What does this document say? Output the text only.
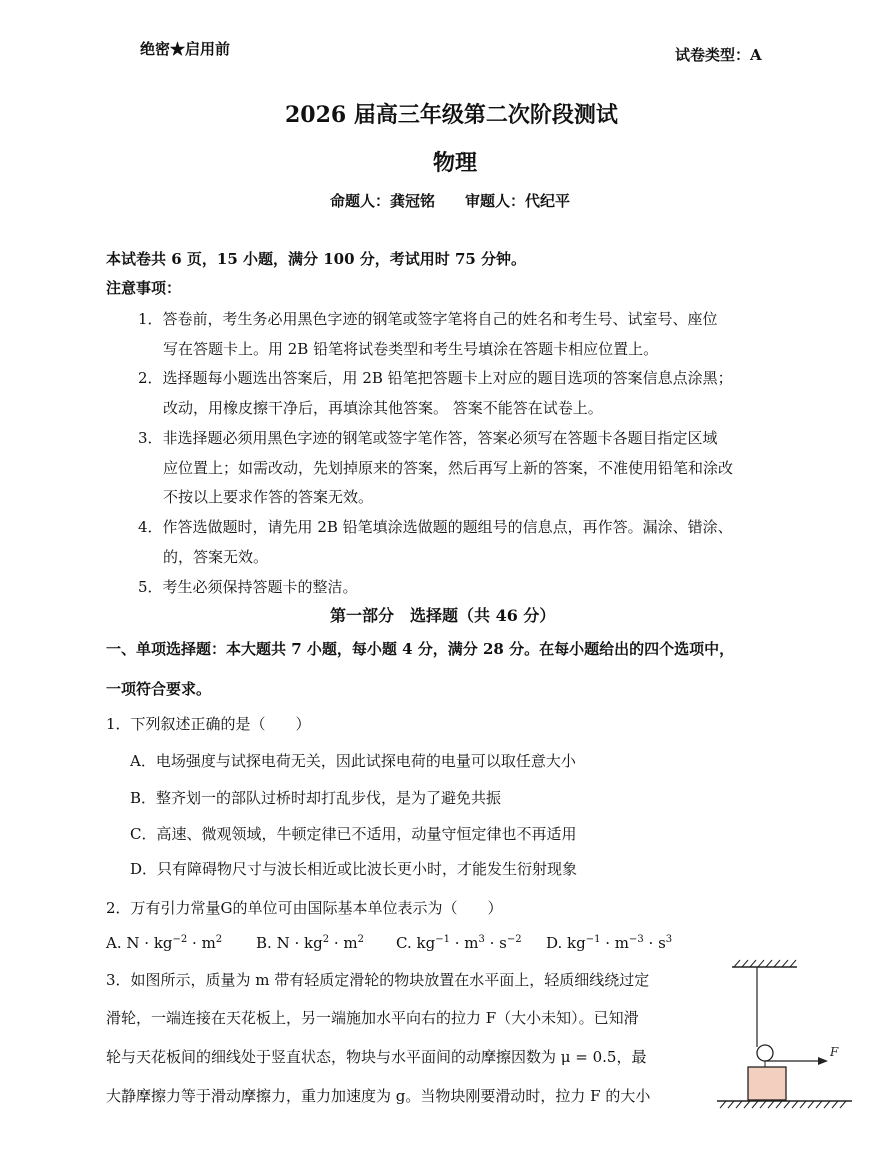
绝密★启用前	试卷类型：A
2026 届高三年级第二次阶段测试
物理
命题人：龚冠铭　　审题人：代纪平
本试卷共 6 页，15 小题，满分 100 分，考试用时 75 分钟。
注意事项：
1．答卷前，考生务必用黑色字迹的钢笔或签字笔将自己的姓名和考生号、试室号、座位
写在答题卡上。用 2B 铅笔将试卷类型和考生号填涂在答题卡相应位置上。
2．选择题每小题选出答案后，用 2B 铅笔把答题卡上对应的题目选项的答案信息点涂黑；
改动，用橡皮擦干净后，再填涂其他答案。 答案不能答在试卷上。
3．非选择题必须用黑色字迹的钢笔或签字笔作答，答案必须写在答题卡各题目指定区域
应位置上；如需改动，先划掉原来的答案，然后再写上新的答案，不准使用铅笔和涂改
不按以上要求作答的答案无效。
4．作答选做题时，请先用 2B 铅笔填涂选做题的题组号的信息点，再作答。漏涂、错涂、
的，答案无效。
5．考生必须保持答题卡的整洁。
第一部分　选择题（共 46 分）
一、单项选择题：本大题共 7 小题，每小题 4 分，满分 28 分。在每小题给出的四个选项中，
一项符合要求。
1．下列叙述正确的是（　　）
A．电场强度与试探电荷无关，因此试探电荷的电量可以取任意大小
B．整齐划一的部队过桥时却打乱步伐，是为了避免共振
C．高速、微观领域，牛顿定律已不适用，动量守恒定律也不再适用
D．只有障碍物尺寸与波长相近或比波长更小时，才能发生衍射现象
2．万有引力常量G的单位可由国际基本单位表示为（　　）
A. $N \cdot kg^{-2} \cdot m^2$ B. $N \cdot kg^2 \cdot m^2$ C. $kg^{-1} \cdot m^3 \cdot s^{-2}$ D. $kg^{-1} \cdot m^{-3} \cdot s^3$
3．如图所示，质量为 m 带有轻质定滑轮的物块放置在水平面上，轻质细线绕过定
滑轮，一端连接在天花板上，另一端施加水平向右的拉力 F（大小未知）。已知滑
轮与天花板间的细线处于竖直状态，物块与水平面间的动摩擦因数为 μ = 0.5，最
大静摩擦力等于滑动摩擦力，重力加速度为 g。当物块刚要滑动时，拉力 F 的大小
F
